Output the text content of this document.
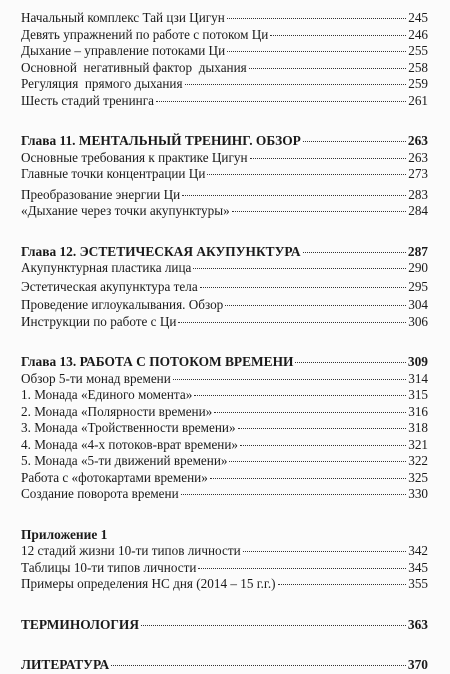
Начальный комплекс Тай цзи Цигун	245
Девять упражнений по работе с потоком Ци	246
Дыхание – управление потоками Ци	255
Основной  негативный фактор  дыхания	258
Регуляция  прямого дыхания	259
Шесть стадий тренинга	261
Глава 11. МЕНТАЛЬНЫЙ ТРЕНИНГ. ОБЗОР	263
Основные требования к практике Цигун	263
Главные точки концентрации Ци	273
Преобразование энергии Ци	283
«Дыхание через точки акупунктуры»	284
Глава 12. ЭСТЕТИЧЕСКАЯ АКУПУНКТУРА	287
Акупунктурная пластика лица	290
Эстетическая акупунктура тела	295
Проведение иглоукалывания. Обзор	304
Инструкции по работе с Ци	306
Глава 13. РАБОТА С ПОТОКОМ ВРЕМЕНИ	309
Обзор 5-ти монад времени	314
1. Монада «Единого момента»	315
2. Монада «Полярности времени»	316
3. Монада «Тройственности времени»	318
4. Монада «4-х потоков-врат времени»	321
5. Монада «5-ти движений времени»	322
Работа с «фотокартами времени»	325
Создание поворота времени	330
Приложение 1
12 стадий жизни 10-ти типов личности	342
Таблицы 10-ти типов личности	345
Примеры определения НС дня (2014 – 15 г.г.)	355
ТЕРМИНОЛОГИЯ	363
ЛИТЕРАТУРА	370
